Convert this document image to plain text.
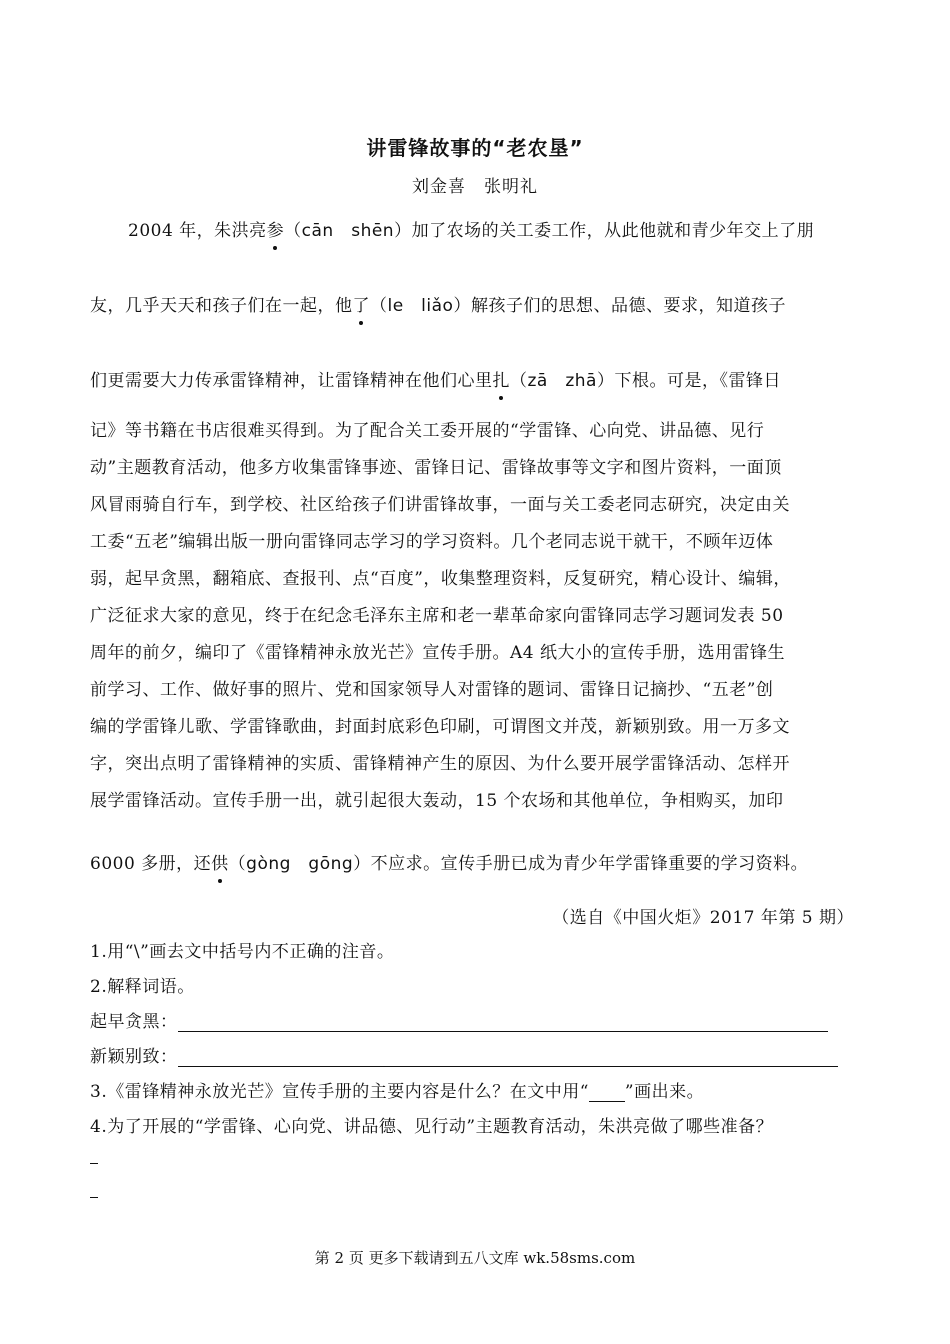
讲雷锋故事的“老农垦”
刘金喜　张明礼
2004 年，朱洪亮参（cān　shēn）加了农场的关工委工作，从此他就和青少年交上了朋
友，几乎天天和孩子们在一起，他了（le　liǎo）解孩子们的思想、品德、要求，知道孩子
们更需要大力传承雷锋精神，让雷锋精神在他们心里扎（zā　zhā）下根。可是，《雷锋日
记》等书籍在书店很难买得到。为了配合关工委开展的“学雷锋、心向党、讲品德、见行
动”主题教育活动，他多方收集雷锋事迹、雷锋日记、雷锋故事等文字和图片资料，一面顶
风冒雨骑自行车，到学校、社区给孩子们讲雷锋故事，一面与关工委老同志研究，决定由关
工委“五老”编辑出版一册向雷锋同志学习的学习资料。几个老同志说干就干，不顾年迈体
弱，起早贪黑，翻箱底、查报刊、点“百度”，收集整理资料，反复研究，精心设计、编辑，
广泛征求大家的意见，终于在纪念毛泽东主席和老一辈革命家向雷锋同志学习题词发表 50
周年的前夕，编印了《雷锋精神永放光芒》宣传手册。A4 纸大小的宣传手册，选用雷锋生
前学习、工作、做好事的照片、党和国家领导人对雷锋的题词、雷锋日记摘抄、“五老”创
编的学雷锋儿歌、学雷锋歌曲，封面封底彩色印刷，可谓图文并茂，新颖别致。用一万多文
字，突出点明了雷锋精神的实质、雷锋精神产生的原因、为什么要开展学雷锋活动、怎样开
展学雷锋活动。宣传手册一出，就引起很大轰动，15 个农场和其他单位，争相购买，加印
6000 多册，还供（gòng　gōng）不应求。宣传手册已成为青少年学雷锋重要的学习资料。
（选自《中国火炬》2017 年第 5 期）
1.用“\”画去文中括号内不正确的注音。
2.解释词语。
起早贪黑：
新颖别致：
3.《雷锋精神永放光芒》宣传手册的主要内容是什么？在文中用“ ”画出来。
4.为了开展的“学雷锋、心向党、讲品德、见行动”主题教育活动，朱洪亮做了哪些准备？
第 2 页 更多下载请到五八文库 wk.58sms.com
